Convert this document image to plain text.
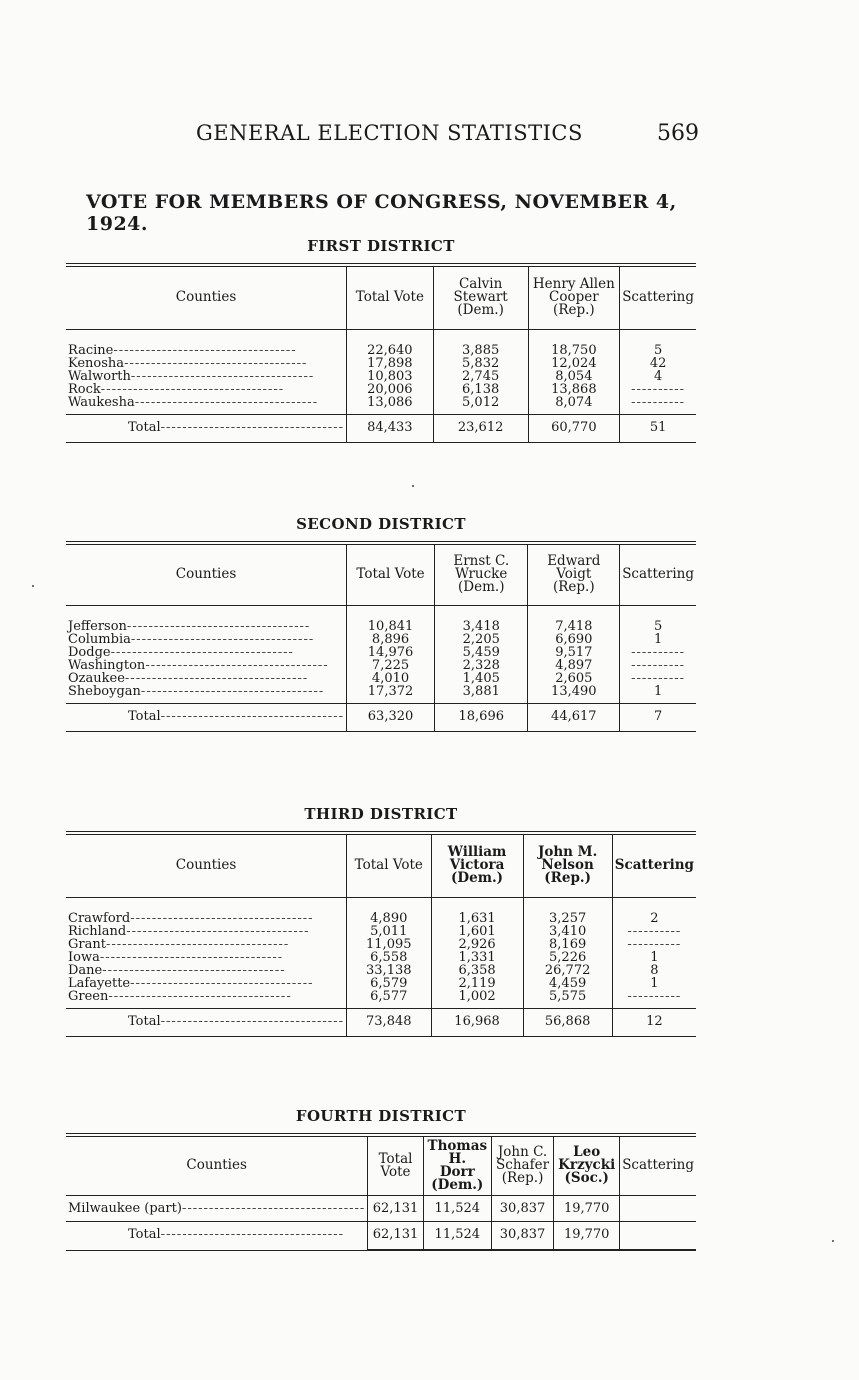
GENERAL ELECTION STATISTICS	569
VOTE FOR MEMBERS OF CONGRESS, NOVEMBER 4, 1924.
FIRST DISTRICT
Counties	Total Vote	Calvin
Stewart
(Dem.)	Henry Allen
Cooper
(Rep.)	Scattering

Racine----------------------------------	22,640	3,885	18,750	5
Kenosha----------------------------------	17,898	5,832	12,024	42
Walworth----------------------------------	10,803	2,745	8,054	4
Rock----------------------------------	20,006	6,138	13,868	----------

Waukesha----------------------------------	13,086	5,012	8,074	----------

Total----------------------------------	84,433	23,612	60,770	51
SECOND DISTRICT
Counties	Total Vote	Ernst C.
Wrucke
(Dem.)	Edward
Voigt
(Rep.)	Scattering

Jefferson----------------------------------	10,841	3,418	7,418	5
Columbia----------------------------------	8,896	2,205	6,690	1
Dodge----------------------------------	14,976	5,459	9,517	----------

Washington----------------------------------	7,225	2,328	4,897	----------

Ozaukee----------------------------------	4,010	1,405	2,605	----------

Sheboygan----------------------------------	17,372	3,881	13,490	1

Total----------------------------------	63,320	18,696	44,617	7
THIRD DISTRICT
Counties	Total Vote	William
Victora
(Dem.)	John M.
Nelson
(Rep.)	Scattering

Crawford----------------------------------	4,890	1,631	3,257	2
Richland----------------------------------	5,011	1,601	3,410	----------

Grant----------------------------------	11,095	2,926	8,169	----------

Iowa----------------------------------	6,558	1,331	5,226	1
Dane----------------------------------	33,138	6,358	26,772	8
Lafayette----------------------------------	6,579	2,119	4,459	1
Green----------------------------------	6,577	1,002	5,575	----------

Total----------------------------------	73,848	16,968	56,868	12
FOURTH DISTRICT
Counties	Total Vote	Thomas H.
Dorr
(Dem.)	John C.
Schafer
(Rep.)	Leo
Krzycki
(Soc.)	Scattering
Milwaukee (part)----------------------------------	62,131	11,524	30,837	19,770	
Total----------------------------------	62,131	11,524	30,837	19,770	
